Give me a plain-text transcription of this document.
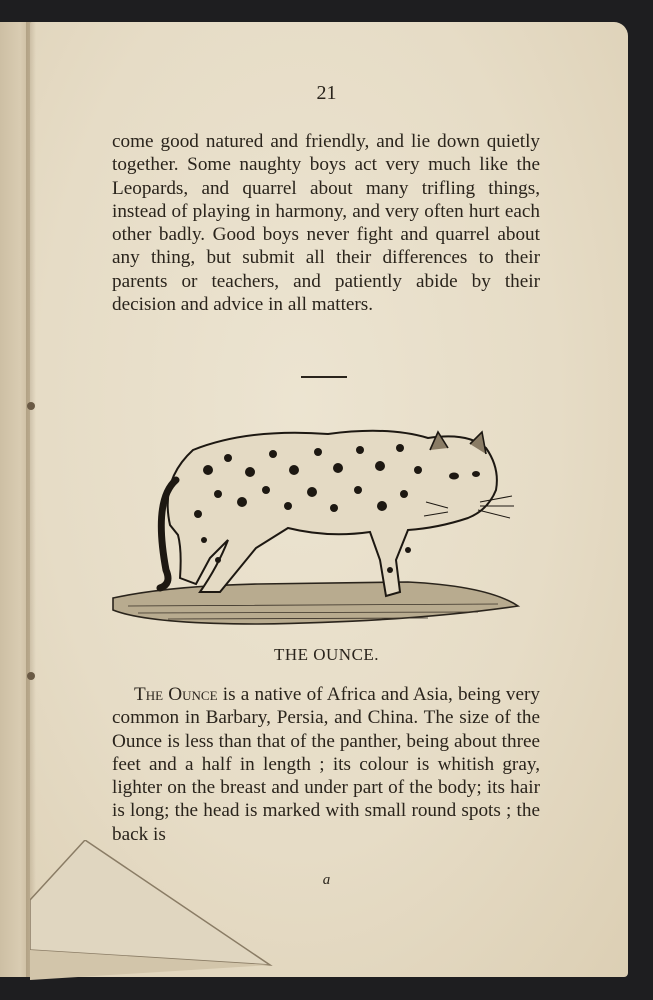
21

come good natured and friendly, and lie down quietly together. Some naughty boys act very much like the Leopards, and quarrel about many trifling things, instead of playing in harmony, and very often hurt each other badly. Good boys never fight and quarrel about any thing, but submit all their differences to their parents or teachers, and patiently abide by their decision and advice in all matters.

THE OUNCE.

The Ounce is a native of Africa and Asia, being very common in Barbary, Persia, and China. The size of the Ounce is less than that of the panther, being about three feet and a half in length ; its colour is whitish gray, lighter on the breast and under part of the body; its hair is long; the head is marked with small round spots ; the back is

a
